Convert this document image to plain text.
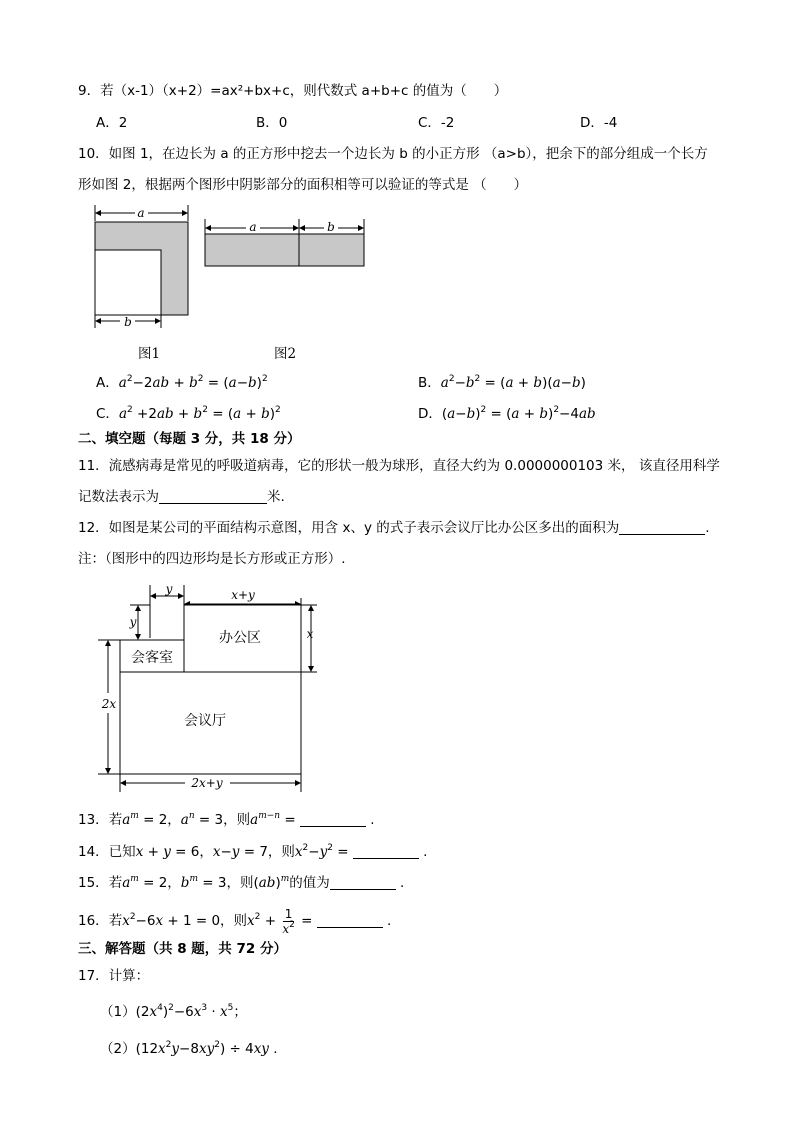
9．若（x-1）（x+2）=ax²+bx+c，则代数式 a+b+c 的值为（　　）
A．2	B．0	C．-2	D．-4
10．如图 1，在边长为 a 的正方形中挖去一个边长为 b 的小正方形 （a>b），把余下的部分组成一个长方
形如图 2，根据两个图形中阴影部分的面积相等可以验证的等式是 （　　）
a
b
图1
a	b
图2
A．$a^2-2ab + b^2 = (a-b)^2$	B．$a^2-b^2 = (a + b)(a-b)$
C．$a^2 +2ab + b^2 = (a + b)^2$	D．$(a-b)^2 = (a + b)^2-4ab$
二、填空题（每题 3 分，共 18 分）
11．流感病毒是常见的呼吸道病毒，它的形状一般为球形，直径大约为 0.0000000103 米， 该直径用科学
记数法表示为	米.
12．如图是某公司的平面结构示意图，用含 x、y 的式子表示会议厅比办公区多出的面积为	.
注：（图形中的四边形均是长方形或正方形）.
y	x+y
y
x
办公区
会客室
会议厅
2x
2x+y
13．若$a^m = 2$，$a^n = 3$，则$a^{m-n}$ =	.
14．已知x + y = 6，x−y = 7，则$x^2-y^2$ =	.
15．若$a^m = 2$，$b^m = 3$，则(ab)$^m$的值为	.
16．若$x^2-6x + 1 = 0$，则$x^2 + \frac{1}{x^2}$ =	.
三、解答题（共 8 题，共 72 分）
17．计算：
$(1)(2x^4)^2-6x^3 \cdot x^5$；
$(2)(12x^2y-8xy^2) \div 4xy$ .
